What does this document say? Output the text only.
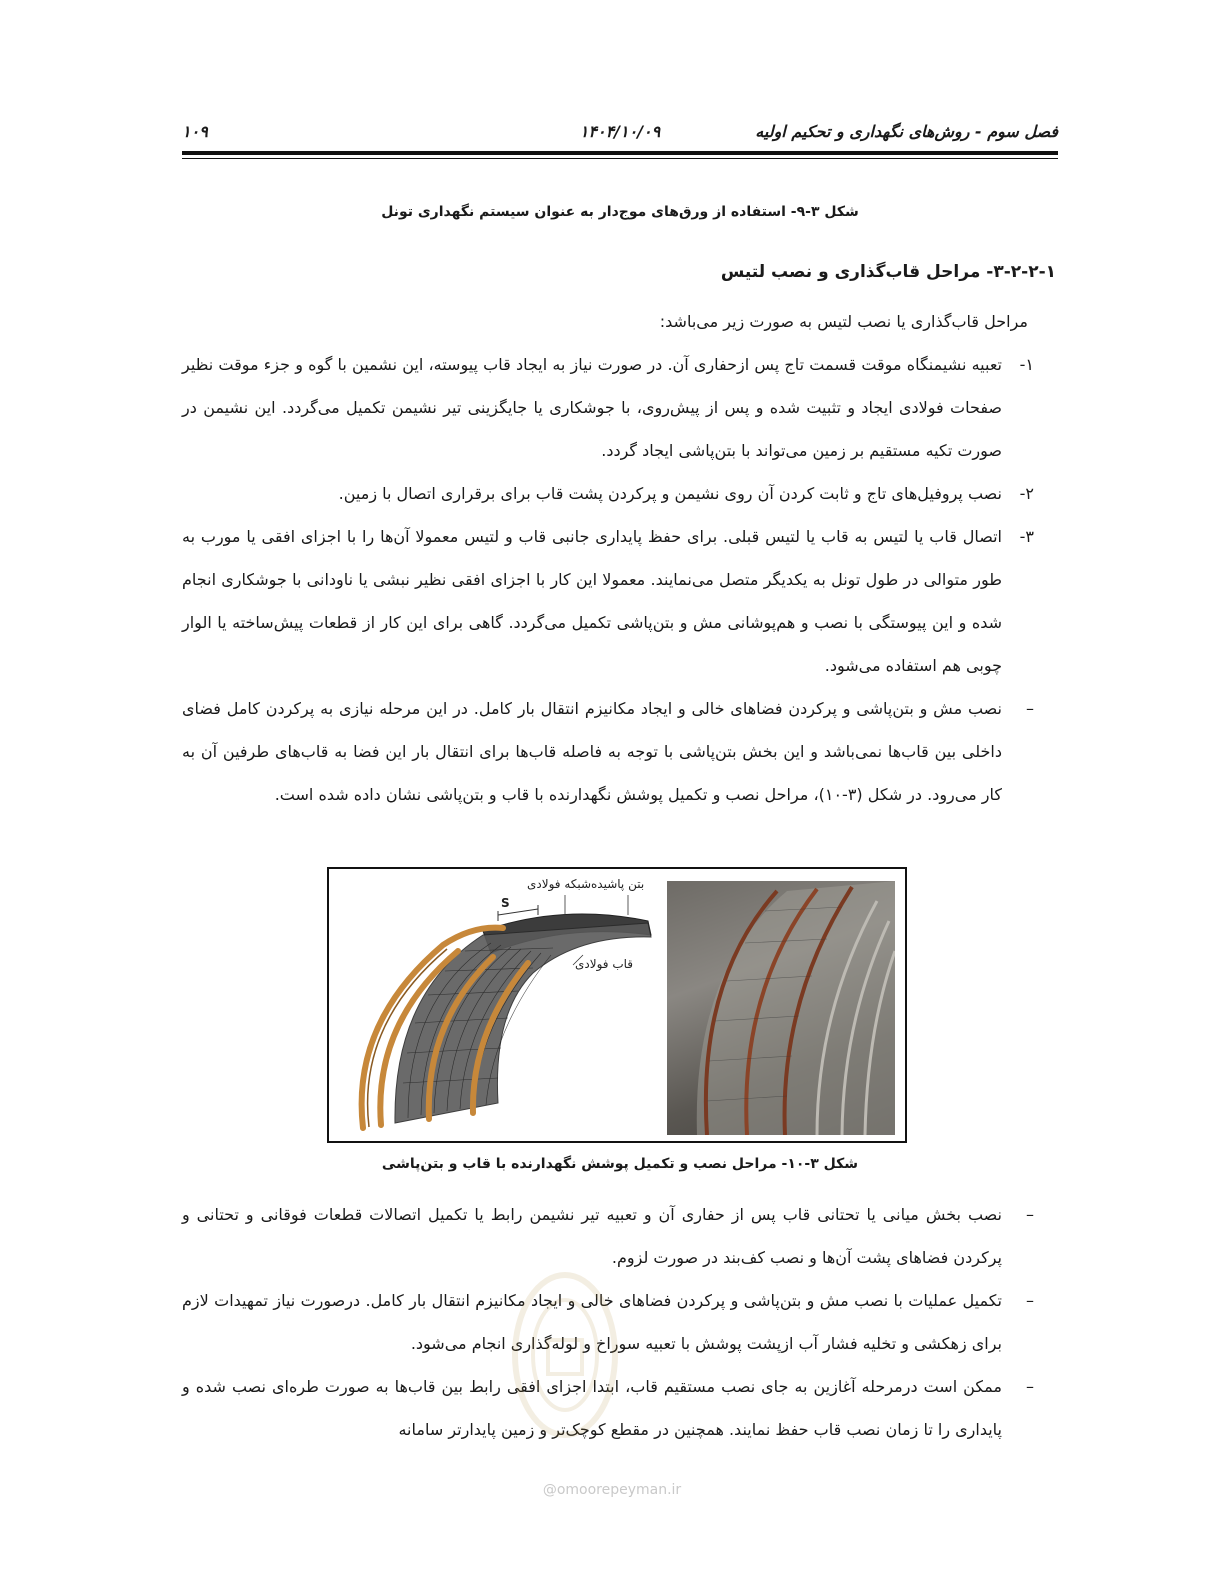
فصل سوم - روش‌های نگهداری و تحکیم اولیه
۱۴۰۴/۱۰/۰۹
۱۰۹
شکل ۳-۹- استفاده از ورق‌های موج‌دار به عنوان سیستم نگهداری تونل
۳-۲-۲-۱- مراحل قاب‌گذاری و نصب لتیس
مراحل قاب‌گذاری یا نصب لتیس به صورت زیر می‌باشد:
۱-
تعبیه نشیمنگاه موقت قسمت تاج پس ازحفاری آن. در صورت نیاز به ایجاد قاب پیوسته، این نشمین با گوه و جزء موقت نظیر صفحات فولادی ایجاد و تثبیت شده و پس از پیش‌روی، با جوشکاری یا جایگزینی تیر نشیمن تکمیل می‌گردد. این نشیمن در صورت تکیه مستقیم بر زمین می‌تواند با بتن‌پاشی ایجاد گردد.
۲-
نصب پروفیل‌های تاج و ثابت کردن آن روی نشیمن و پرکردن پشت قاب برای برقراری اتصال با زمین.
۳-
اتصال قاب یا لتیس به قاب یا لتیس قبلی. برای حفظ پایداری جانبی قاب و لتیس معمولا آن‌ها را با اجزای افقی یا مورب به طور متوالی در طول تونل به یکدیگر متصل می‌نمایند. معمولا این کار با اجزای افقی نظیر نبشی یا ناودانی با جوشکاری انجام شده و این پیوستگی با نصب و هم‌پوشانی مش و بتن‌پاشی تکمیل می‌گردد. گاهی برای این کار از قطعات پیش‌ساخته یا الوار چوبی هم استفاده می‌شود.
–
نصب مش و بتن‌پاشی و پرکردن فضاهای خالی و ایجاد مکانیزم انتقال بار کامل. در این مرحله نیازی به پرکردن کامل فضای داخلی بین قاب‌ها نمی‌باشد و این بخش بتن‌پاشی با توجه به فاصله قاب‌ها برای انتقال بار این فضا به قاب‌های طرفین آن به کار می‌رود. در شکل (۳-۱۰)، مراحل نصب و تکمیل پوشش نگهدارنده با قاب و بتن‌پاشی نشان داده شده است.
S
شبکه فولادی بتن پاشیده
قاب فولادی
شکل ۳-۱۰- مراحل نصب و تکمیل پوشش نگهدارنده با قاب و بتن‌پاشی
–
نصب بخش میانی یا تحتانی قاب پس از حفاری آن و تعبیه تیر نشیمن رابط یا تکمیل اتصالات قطعات فوقانی و تحتانی و پرکردن فضاهای پشت آن‌ها و نصب کف‌بند در صورت لزوم.
–
تکمیل عملیات با نصب مش و بتن‌پاشی و پرکردن فضاهای خالی و ایجاد مکانیزم انتقال بار کامل. درصورت نیاز تمهیدات لازم برای زهکشی و تخلیه فشار آب ازپشت پوشش با تعبیه سوراخ و لوله‌گذاری انجام می‌شود.
–
ممکن است درمرحله آغازین به جای نصب مستقیم قاب، ابتدا اجزای افقی رابط بین قاب‌ها به صورت طره‌ای نصب شده و پایداری را تا زمان نصب قاب حفظ نمایند. همچنین در مقطع کوچک‌تر و زمین پایدارتر سامانه
@omoorepeyman.ir
